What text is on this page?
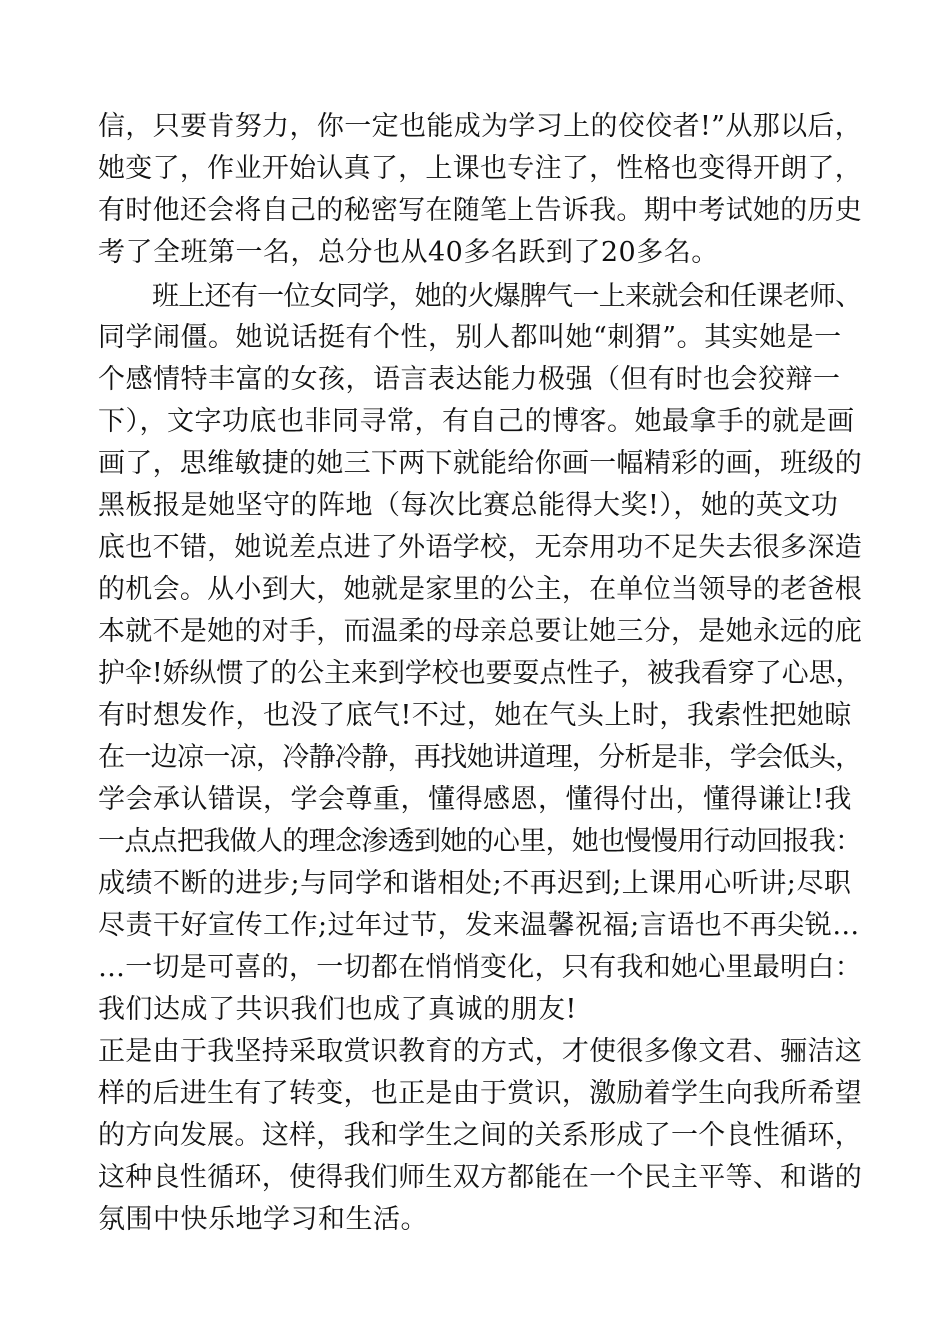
信，只要肯努力，你一定也能成为学习上的佼佼者!”从那以后，
她变了，作业开始认真了，上课也专注了，性格也变得开朗了，
有时他还会将自己的秘密写在随笔上告诉我。期中考试她的历史
考了全班第一名，总分也从40多名跃到了20多名。
班上还有一位女同学，她的火爆脾气一上来就会和任课老师、
同学闹僵。她说话挺有个性，别人都叫她“刺猬”。其实她是一
个感情特丰富的女孩，语言表达能力极强（但有时也会狡辩一
下），文字功底也非同寻常，有自己的博客。她最拿手的就是画
画了，思维敏捷的她三下两下就能给你画一幅精彩的画，班级的
黑板报是她坚守的阵地（每次比赛总能得大奖!），她的英文功
底也不错，她说差点进了外语学校，无奈用功不足失去很多深造
的机会。从小到大，她就是家里的公主，在单位当领导的老爸根
本就不是她的对手，而温柔的母亲总要让她三分，是她永远的庇
护伞!娇纵惯了的公主来到学校也要耍点性子，被我看穿了心思，
有时想发作，也没了底气!不过，她在气头上时，我索性把她晾
在一边凉一凉，冷静冷静，再找她讲道理，分析是非，学会低头，
学会承认错误，学会尊重，懂得感恩，懂得付出，懂得谦让!我
一点点把我做人的理念渗透到她的心里，她也慢慢用行动回报我：
成绩不断的进步;与同学和谐相处;不再迟到;上课用心听讲;尽职
尽责干好宣传工作;过年过节，发来温馨祝福;言语也不再尖锐…
…一切是可喜的，一切都在悄悄变化，只有我和她心里最明白：
我们达成了共识我们也成了真诚的朋友!
正是由于我坚持采取赏识教育的方式，才使很多像文君、骊洁这
样的后进生有了转变，也正是由于赏识，激励着学生向我所希望
的方向发展。这样，我和学生之间的关系形成了一个良性循环，
这种良性循环，使得我们师生双方都能在一个民主平等、和谐的
氛围中快乐地学习和生活。
